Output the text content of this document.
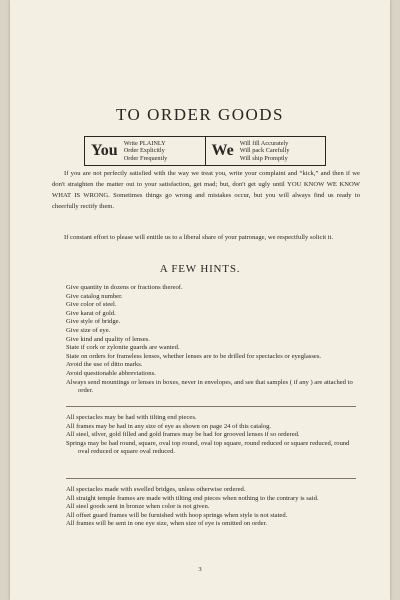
TO ORDER GOODS
You Write PLAINLY
Order Explicitly
Order Frequently	We Will fill Accurately
Will pack Carefully
Will ship Promptly

If you are not perfectly satisfied with the way we treat you, write your complaint and “kick,” and then if we don't straighten the matter out to your satisfaction, get mad; but, don't get ugly until YOU KNOW WE KNOW WHAT IS WRONG. Sometimes things go wrong and mistakes occur, but you will always find us ready to cheerfully rectify them.

If constant effort to please will entitle us to a liberal share of your patronage, we respectfully solicit it.

A FEW HINTS.
Give quantity in dozens or fractions thereof.
Give catalog number.
Give color of steel.
Give karat of gold.
Give style of bridge.
Give size of eye.
Give kind and quality of lenses.
State if cork or zylonite guards are wanted.
State on orders for frameless lenses, whether lenses are to be drilled for spectacles or eyeglasses.
Avoid the use of ditto marks.
Avoid questionable abbreviations.
Always send mountings or lenses in boxes, never in envelopes, and see that samples ( if any ) are attached to order.
All spectacles may be had with tilting end pieces.
All frames may be had in any size of eye as shown on page 24 of this catalog.
All steel, silver, gold filled and gold frames may be had for grooved lenses if so ordered.
Springs may be had round, square, oval top round, oval top square, round reduced or square reduced, round oval reduced or square oval reduced.
All spectacles made with swelled bridges, unless otherwise ordered.
All straight temple frames are made with tilting end pieces when nothing to the contrary is said.
All steel goods sent in bronze when color is not given.
All offset guard frames will be furnished with hoop springs when style is not stated.
All frames will be sent in one eye size, when size of eye is omitted on order.
3
